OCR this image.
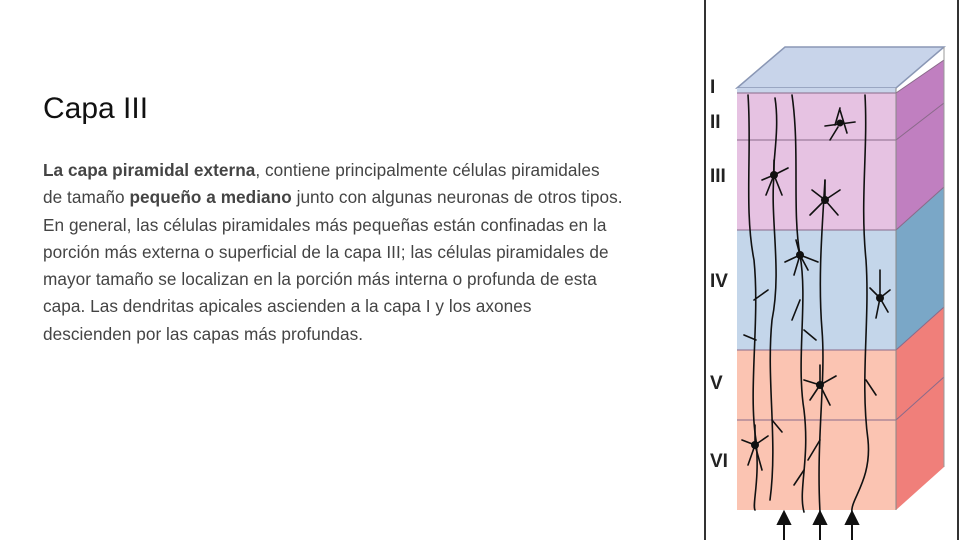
Capa III
La capa piramidal externa, contiene principalmente células piramidales de tamaño pequeño a mediano junto con algunas neuronas de otros tipos. En general, las células piramidales más pequeñas están confinadas en la porción más externa o superficial de la capa III; las células piramidales de mayor tamaño se localizan en la porción más interna o profunda de esta capa. Las dendritas apicales ascienden a la capa I y los axones descienden por las capas más profundas.
I
II
III
IV
V
VI
